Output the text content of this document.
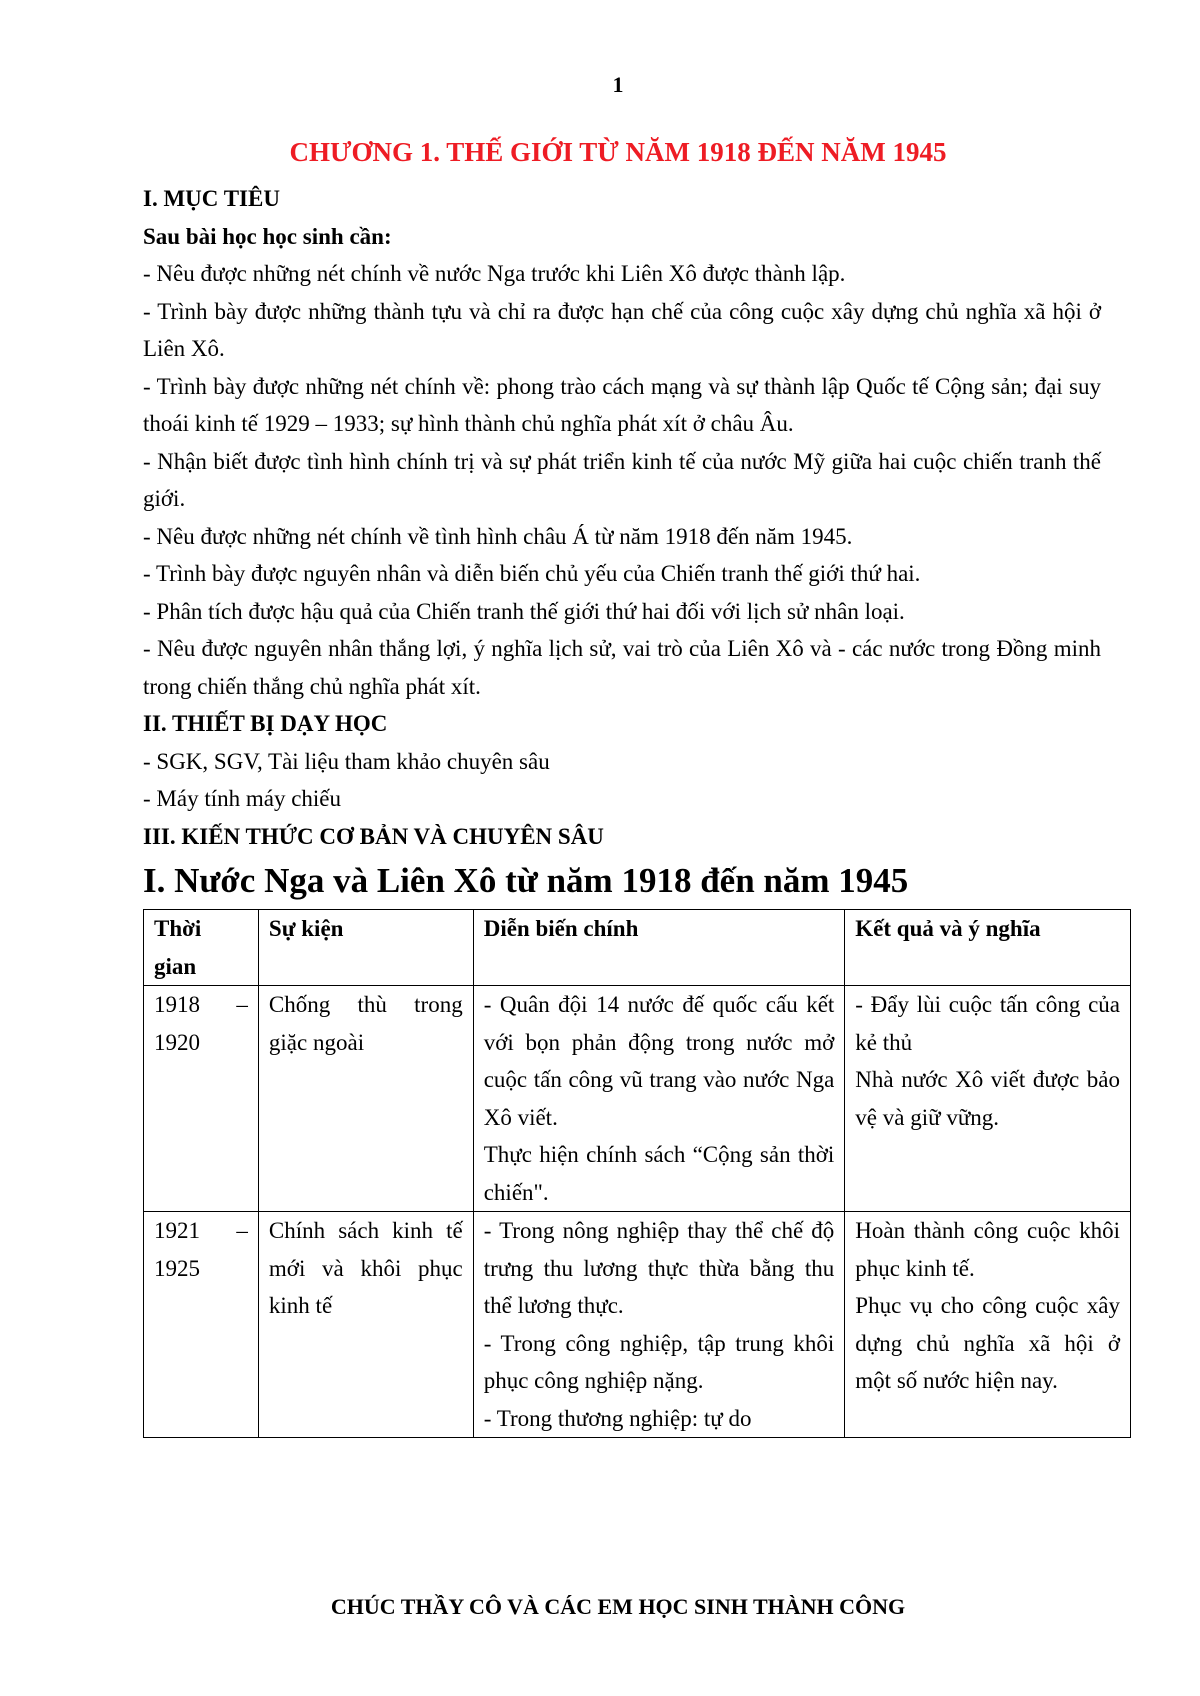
1
CHƯƠNG 1. THẾ GIỚI TỪ NĂM 1918 ĐẾN NĂM 1945

I. MỤC TIÊU

Sau bài học học sinh cần:

- Nêu được những nét chính về nước Nga trước khi Liên Xô được thành lập.

- Trình bày được những thành tựu và chỉ ra được hạn chế của công cuộc xây dựng chủ nghĩa xã hội ở Liên Xô.

- Trình bày được những nét chính về: phong trào cách mạng và sự thành lập Quốc tế Cộng sản; đại suy thoái kinh tế 1929 – 1933; sự hình thành chủ nghĩa phát xít ở châu Âu.

- Nhận biết được tình hình chính trị và sự phát triển kinh tế của nước Mỹ giữa hai cuộc chiến tranh thế giới.

- Nêu được những nét chính về tình hình châu Á từ năm 1918 đến năm 1945.

- Trình bày được nguyên nhân và diễn biến chủ yếu của Chiến tranh thế giới thứ hai.

- Phân tích được hậu quả của Chiến tranh thế giới thứ hai đối với lịch sử nhân loại.

- Nêu được nguyên nhân thắng lợi, ý nghĩa lịch sử, vai trò của Liên Xô và - các nước trong Đồng minh trong chiến thắng chủ nghĩa phát xít.

II. THIẾT BỊ DẠY HỌC

- SGK, SGV, Tài liệu tham khảo chuyên sâu

- Máy tính máy chiếu

III. KIẾN THỨC CƠ BẢN VÀ CHUYÊN SÂU

I. Nước Nga và Liên Xô từ năm 1918 đến năm 1945

Thời gian	Sự kiện	Diễn biến chính	Kết quả và ý nghĩa
1918 – 1920	Chống thù trong giặc ngoài	- Quân đội 14 nước đế quốc cấu kết với bọn phản động trong nước mở cuộc tấn công vũ trang vào nước Nga Xô viết.
Thực hiện chính sách “Cộng sản thời chiến".	- Đẩy lùi cuộc tấn công của kẻ thủ
Nhà nước Xô viết được bảo vệ và giữ vững.

1921 – 1925	Chính sách kinh tế mới và khôi phục kinh tế	- Trong nông nghiệp thay thể chế độ trưng thu lương thực thừa bằng thu thể lương thực.
- Trong công nghiệp, tập trung khôi phục công nghiệp nặng.
- Trong thương nghiệp: tự do	Hoàn thành công cuộc khôi phục kinh tế.
Phục vụ cho công cuộc xây dựng chủ nghĩa xã hội ở một số nước hiện nay.
CHÚC THẦY CÔ VÀ CÁC EM HỌC SINH THÀNH CÔNG
